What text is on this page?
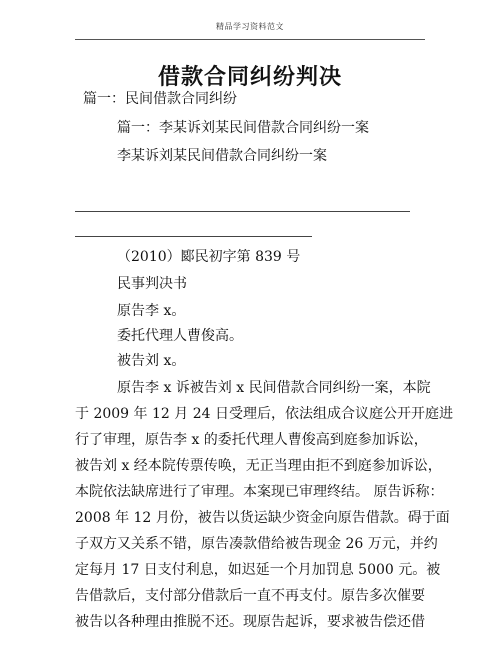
精品学习资料范文
借款合同纠纷判决
篇一：民间借款合同纠纷
篇一：李某诉刘某民间借款合同纠纷一案
李某诉刘某民间借款合同纠纷一案
（2010）郾民初字第 839 号
民事判决书
原告李 x。
委托代理人曹俊高。
被告刘 x。
原告李 x 诉被告刘 x 民间借款合同纠纷一案，本院
于 2009 年 12 月 24 日受理后，依法组成合议庭公开开庭进
行了审理，原告李 x 的委托代理人曹俊高到庭参加诉讼，
被告刘 x 经本院传票传唤，无正当理由拒不到庭参加诉讼，
本院依法缺席进行了审理。本案现已审理终结。 原告诉称：
2008 年 12 月份，被告以货运缺少资金向原告借款。碍于面
子双方又关系不错，原告凑款借给被告现金 26 万元，并约
定每月 17 日支付利息，如迟延一个月加罚息 5000 元。被
告借款后，支付部分借款后一直不再支付。原告多次催要
被告以各种理由推脱不还。现原告起诉，要求被告偿还借
